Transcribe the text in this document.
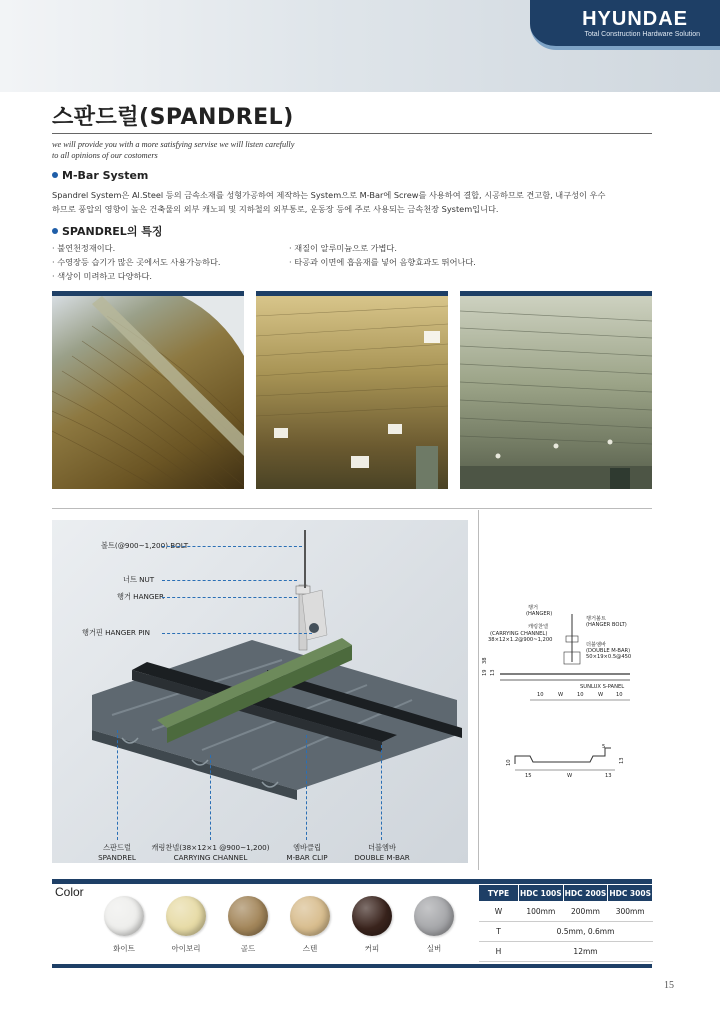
HYUNDAE
Total Construction Hardware Solution
스판드럴(SPANDREL)
we will provide you with a more satisfying servise we will listen carefully
to all opinions of our costomers
M-Bar System
Spandrel System은 Al.Steel 등의 금속소재를 성형가공하여 제작하는 System으로 M-Bar에 Screw를 사용하여 결합, 시공하므로 견고함, 내구성이 우수
하므로 풍압의 영향이 높은 건축물의 외부 캐노피 및 지하철의 외부통로, 운동장 등에 주로 사용되는 금속천장 System입니다.
SPANDREL의 특징
· 불연천정재이다.
· 수영장등 습기가 많은 곳에서도 사용가능하다.
· 색상이 미려하고 다양하다.
· 재질이 알루미늄으로 가볍다.
· 타공과 이면에 흡음재를 넣어 음향효과도 뛰어나다.
볼트(@900~1,200) BOLT
너트 NUT
행거 HANGER
행거핀 HANGER PIN
스판드럴
SPANDREL
캐링찬넬(38×12×1 @900~1,200)
CARRYING CHANNEL
엠바클립
M-BAR CLIP
더블엠바
DOUBLE M-BAR
행거
(HANGER)
행거볼트
(HANGER BOLT)
캐링찬넬
(CARRYING CHANNEL)
38×12×1.2@900~1,200
더블엠바
(DOUBLE M-BAR)
50×19×0.5@450
38
19 13
SUNLUX S-PANEL
10	W	10	W 10
5
10	13
15	W	13
Color
화이트	아이보리	골드	스텐	커피	실버
TYPE	HDC 100S	HDC 200S	HDC 300S
W	100mm	200mm	300mm
T	0.5mm, 0.6mm		
H	12mm		
15
